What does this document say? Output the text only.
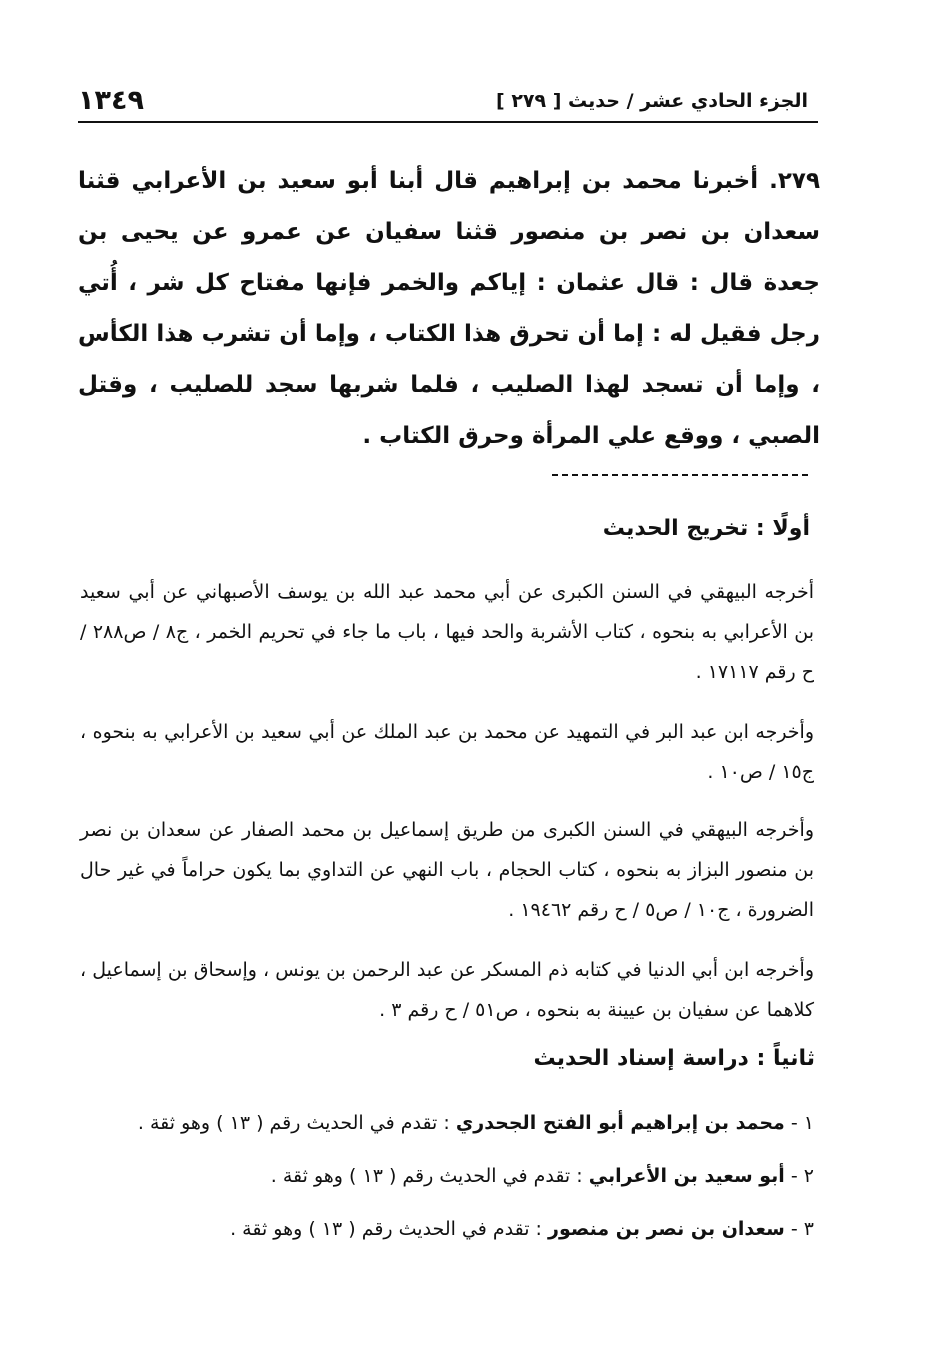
الجزء الحادي عشر / حديث [ ٢٧٩ ]
١٣٤٩
٢٧٩. أخبرنا محمد بن إبراهيم قال أبنا أبو سعيد بن الأعرابي قثنا سعدان بن نصر بن منصور قثنا سفيان عن عمرو عن يحيى بن جعدة قال : قال عثمان : إياكم والخمر فإنها مفتاح كل شر ، أُتي رجل فقيل له : إما أن تحرق هذا الكتاب ، وإما أن تشرب هذا الكأس ، وإما أن تسجد لهذا الصليب ، فلما شربها سجد للصليب ، وقتل الصبي ، ووقع علي المرأة وحرق الكتاب .
أولًا : تخريج الحديث
أخرجه البيهقي في السنن الكبرى عن أبي محمد عبد الله بن يوسف الأصبهاني عن أبي سعيد بن الأعرابي به بنحوه ، كتاب الأشربة والحد فيها ، باب ما جاء في تحريم الخمر ، ج٨ / ص٢٨٨ / ح رقم ١٧١١٧ .
وأخرجه ابن عبد البر في التمهيد عن محمد بن عبد الملك عن أبي سعيد بن الأعرابي به بنحوه ، ج١٥ / ص١٠ .
وأخرجه البيهقي في السنن الكبرى من طريق إسماعيل بن محمد الصفار عن سعدان بن نصر بن منصور البزاز به بنحوه ، كتاب الحجام ، باب النهي عن التداوي بما يكون حراماً في غير حال الضرورة ، ج١٠ / ص٥ / ح رقم ١٩٤٦٢ .
وأخرجه ابن أبي الدنيا في كتابه ذم المسكر عن عبد الرحمن بن يونس ، وإسحاق بن إسماعيل ، كلاهما عن سفيان بن عيينة به بنحوه ، ص٥١ / ح رقم ٣ .
ثانياً : دراسة إسناد الحديث
١ - محمد بن إبراهيم أبو الفتح الجحدري : تقدم في الحديث رقم ( ١٣ ) وهو ثقة .
٢ - أبو سعيد بن الأعرابي : تقدم في الحديث رقم ( ١٣ ) وهو ثقة .
٣ - سعدان بن نصر بن منصور : تقدم في الحديث رقم ( ١٣ ) وهو ثقة .
